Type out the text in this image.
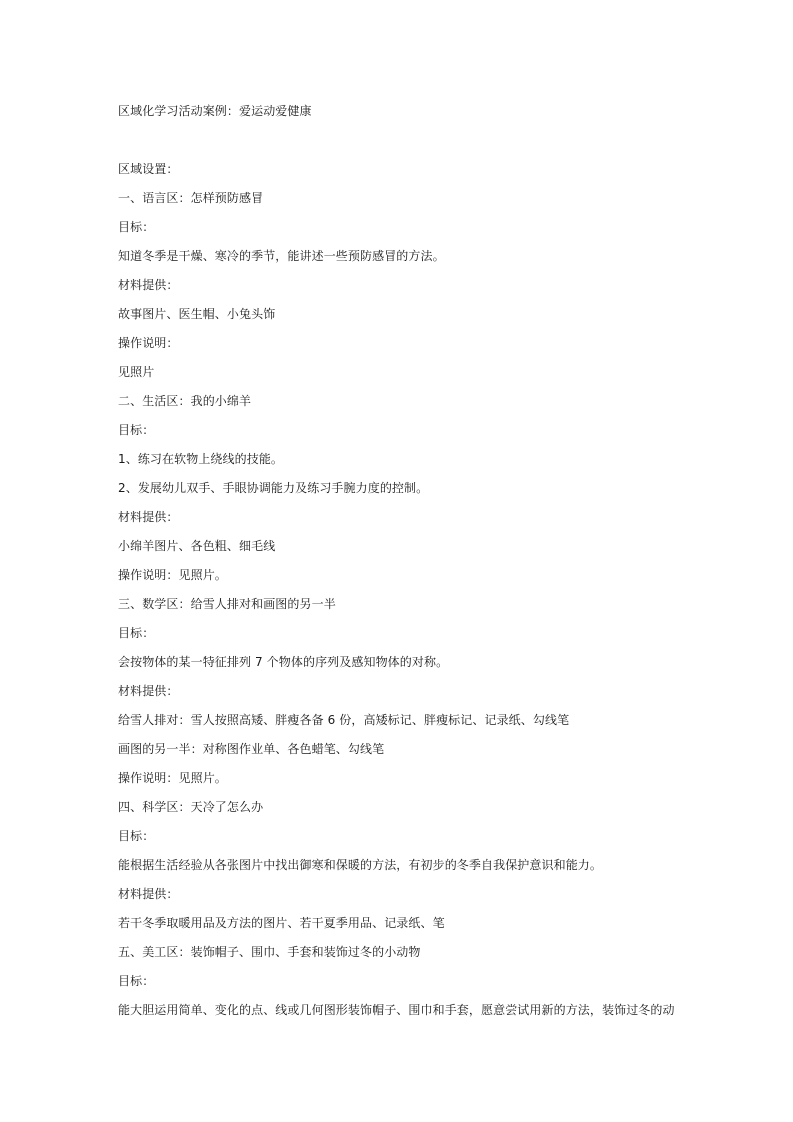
区域化学习活动案例：爱运动爱健康
区域设置：
一、语言区：怎样预防感冒
目标：
知道冬季是干燥、寒冷的季节，能讲述一些预防感冒的方法。
材料提供：
故事图片、医生帽、小兔头饰
操作说明：
见照片
二、生活区：我的小绵羊
目标：
1、练习在软物上绕线的技能。
2、发展幼儿双手、手眼协调能力及练习手腕力度的控制。
材料提供：
小绵羊图片、各色粗、细毛线
操作说明：见照片。
三、数学区：给雪人排对和画图的另一半
目标：
会按物体的某一特征排列 7 个物体的序列及感知物体的对称。
材料提供：
给雪人排对：雪人按照高矮、胖瘦各备 6 份，高矮标记、胖瘦标记、记录纸、勾线笔
画图的另一半：对称图作业单、各色蜡笔、勾线笔
操作说明：见照片。
四、科学区：天冷了怎么办
目标：
能根据生活经验从各张图片中找出御寒和保暖的方法，有初步的冬季自我保护意识和能力。
材料提供：
若干冬季取暖用品及方法的图片、若干夏季用品、记录纸、笔
五、美工区：装饰帽子、围巾、手套和装饰过冬的小动物
目标：
能大胆运用简单、变化的点、线或几何图形装饰帽子、围巾和手套，愿意尝试用新的方法，装饰过冬的动
